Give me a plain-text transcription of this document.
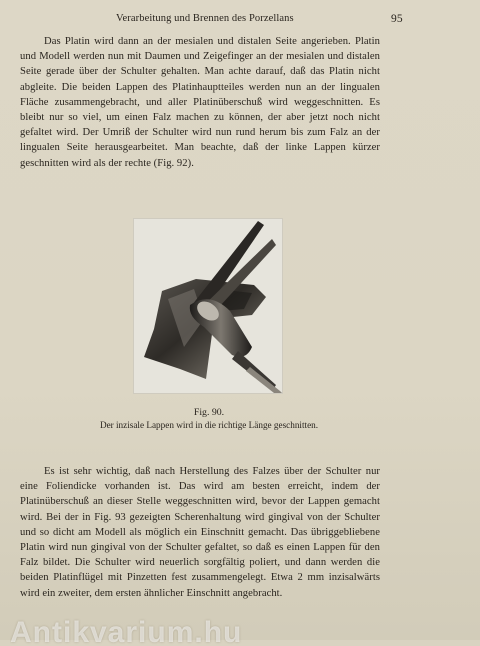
Verarbeitung und Brennen des Porzellans	95
Das Platin wird dann an der mesialen und distalen Seite angerieben. Platin und Modell werden nun mit Daumen und Zeigefinger an der mesialen und distalen Seite gerade über der Schulter gehalten. Man achte darauf, daß das Platin nicht abgleite. Die beiden Lappen des Platinhauptteiles werden nun an der lingualen Fläche zusammengebracht, und aller Platinüberschuß wird weggeschnitten. Es bleibt nur so viel, um einen Falz machen zu können, der aber jetzt noch nicht gefaltet wird. Der Umriß der Schulter wird nun rund herum bis zum Falz an der lingualen Seite herausgearbeitet. Man beachte, daß der linke Lappen kürzer geschnitten wird als der rechte (Fig. 92).
Fig. 90.
Der inzisale Lappen wird in die richtige Länge geschnitten.
Es ist sehr wichtig, daß nach Herstellung des Falzes über der Schulter nur eine Foliendicke vorhanden ist. Das wird am besten erreicht, indem der Platinüberschuß an dieser Stelle weggeschnitten wird, bevor der Lappen gemacht wird. Bei der in Fig. 93 gezeigten Scherenhaltung wird gingival von der Schulter und so dicht am Modell als möglich ein Einschnitt gemacht. Das übriggebliebene Platin wird nun gingival von der Schulter gefaltet, so daß es einen Lappen für den Falz bildet. Die Schulter wird neuerlich sorgfältig poliert, und dann werden die beiden Platinflügel mit Pinzetten fest zusammengelegt. Etwa 2 mm inzisalwärts wird ein zweiter, dem ersten ähnlicher Einschnitt angebracht.
Antikvarium.hu
